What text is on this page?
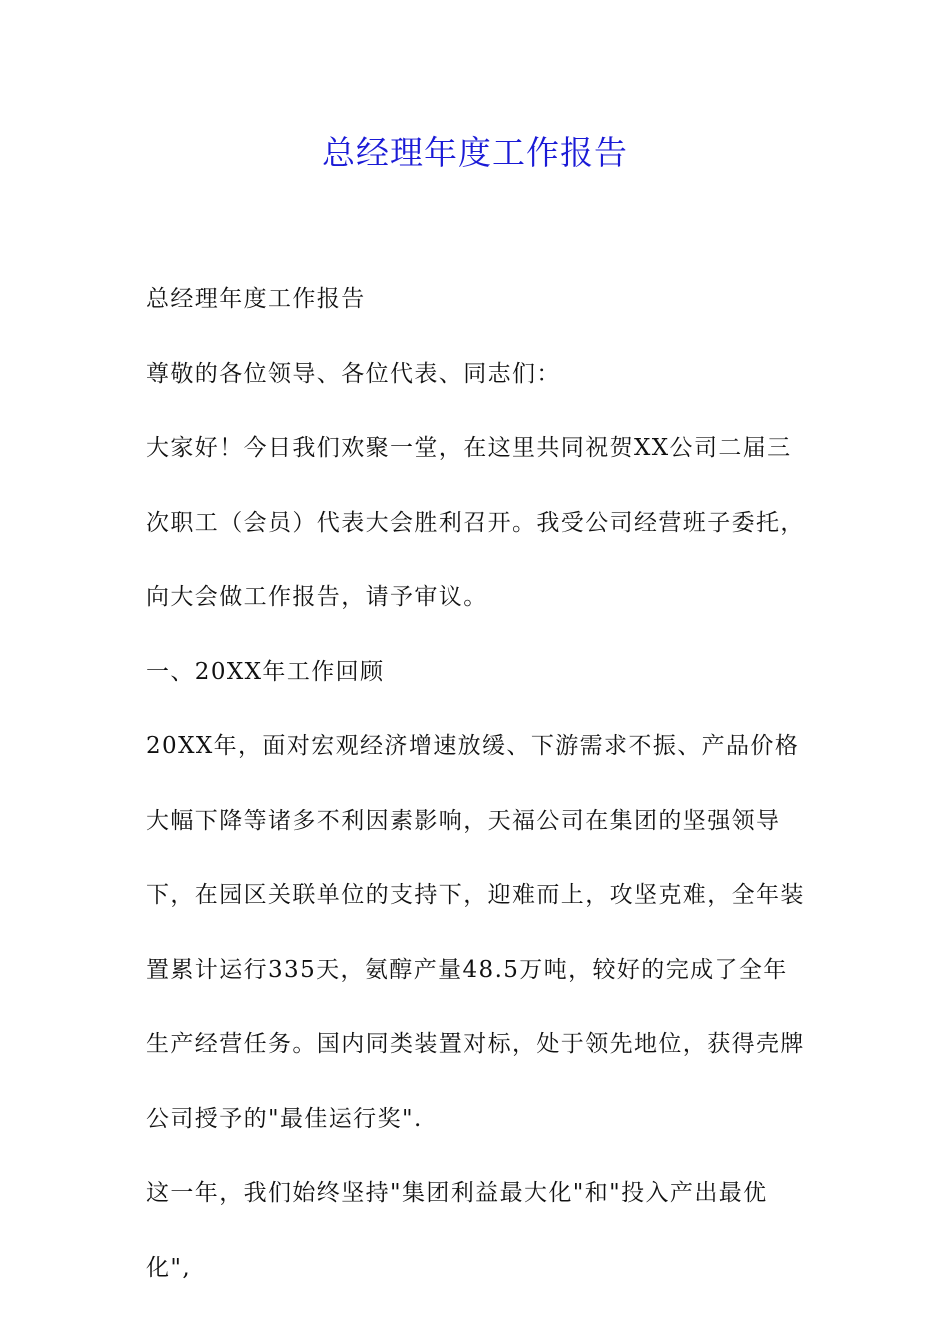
总经理年度工作报告

总经理年度工作报告

尊敬的各位领导、各位代表、同志们：

大家好！今日我们欢聚一堂，在这里共同祝贺XX公司二届三次职工（会员）代表大会胜利召开。我受公司经营班子委托，向大会做工作报告，请予审议。

一、20XX年工作回顾

20XX年，面对宏观经济增速放缓、下游需求不振、产品价格大幅下降等诸多不利因素影响，天福公司在集团的坚强领导下，在园区关联单位的支持下，迎难而上，攻坚克难，全年装置累计运行335天，氨醇产量48.5万吨，较好的完成了全年生产经营任务。国内同类装置对标，处于领先地位，获得壳牌公司授予的"最佳运行奖".

这一年，我们始终坚持"集团利益最大化"和"投入产出最优化",
